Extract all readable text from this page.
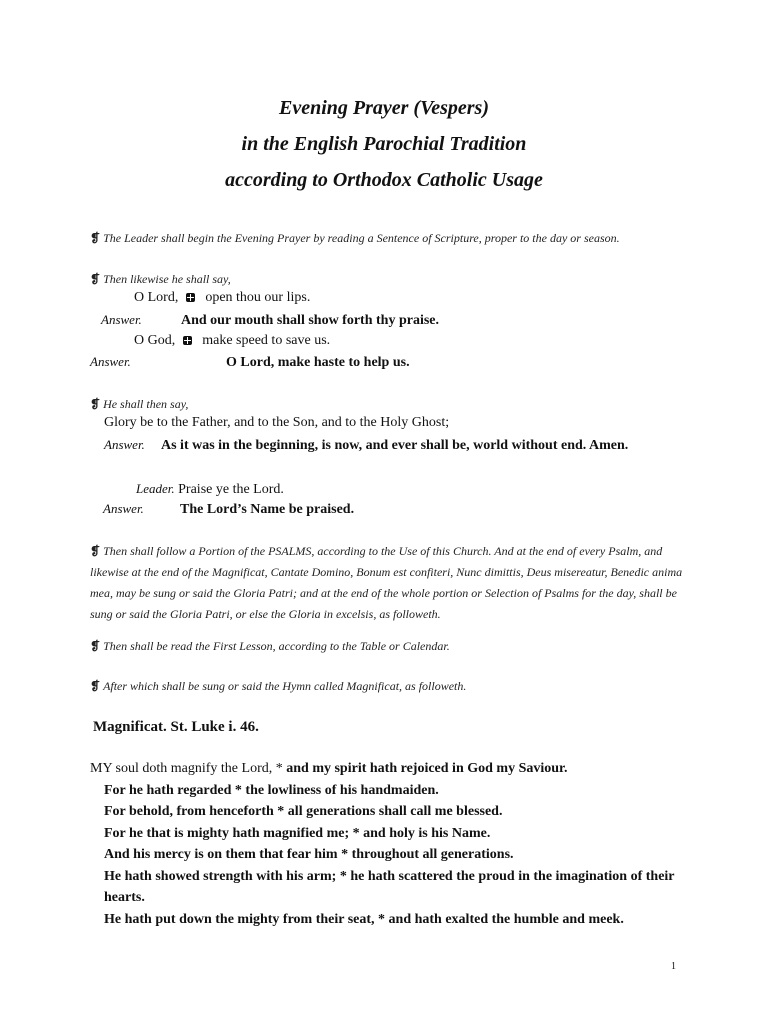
Evening Prayer (Vespers)
in the English Parochial Tradition
according to Orthodox Catholic Usage
❡ The Leader shall begin the Evening Prayer by reading a Sentence of Scripture, proper to the day or season.
❡ Then likewise he shall say,
O Lord, open thou our lips.
Answer.	And our mouth shall show forth thy praise.
O God, make speed to save us.
Answer.	O Lord, make haste to help us.
❡ He shall then say,
Glory be to the Father, and to the Son, and to the Holy Ghost;
Answer. As it was in the beginning, is now, and ever shall be, world without end. Amen.
Leader. Praise ye the Lord.
Answer.	The Lord’s Name be praised.
❡ Then shall follow a Portion of the PSALMS, according to the Use of this Church. And at the end of every Psalm, and likewise at the end of the Magnificat, Cantate Domino, Bonum est confiteri, Nunc dimittis, Deus misereatur, Benedic anima mea, may be sung or said the Gloria Patri; and at the end of the whole portion or Selection of Psalms for the day, shall be sung or said the Gloria Patri, or else the Gloria in excelsis, as followeth.
❡ Then shall be read the First Lesson, according to the Table or Calendar.
❡ After which shall be sung or said the Hymn called Magnificat, as followeth.
Magnificat. St. Luke i. 46.
MY soul doth magnify the Lord, * and my spirit hath rejoiced in God my Saviour.
For he hath regarded * the lowliness of his handmaiden.
For behold, from henceforth * all generations shall call me blessed.
For he that is mighty hath magnified me; * and holy is his Name.
And his mercy is on them that fear him * throughout all generations.
He hath showed strength with his arm; * he hath scattered the proud in the imagination of their hearts.
He hath put down the mighty from their seat, * and hath exalted the humble and meek.
1
